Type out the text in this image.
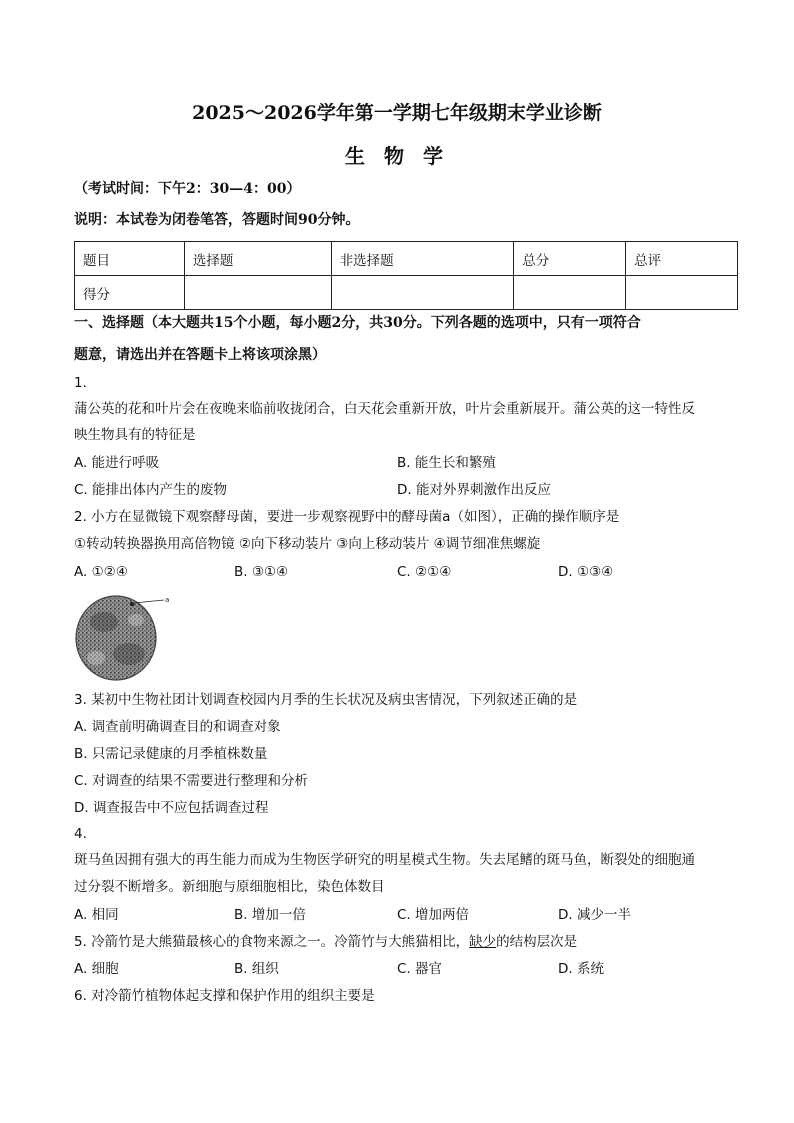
2025～2026学年第一学期七年级期末学业诊断
生 物 学
（考试时间：下午2：30—4：00）
说明：本试卷为闭卷笔答，答题时间90分钟。
题目	选择题	非选择题	总分	总评
得分				
一、选择题（本大题共15个小题，每小题2分，共30分。下列各题的选项中，只有一项符合
题意，请选出并在答题卡上将该项涂黑）
1.
蒲公英的花和叶片会在夜晚来临前收拢闭合，白天花会重新开放，叶片会重新展开。蒲公英的这一特性反
映生物具有的特征是
A. 能进行呼吸	B. 能生长和繁殖
C. 能排出体内产生的废物	D. 能对外界刺激作出反应
2. 小方在显微镜下观察酵母菌，要进一步观察视野中的酵母菌a（如图），正确的操作顺序是
①转动转换器换用高倍物镜 ②向下移动装片 ③向上移动装片 ④调节细准焦螺旋
A. ①②④	B. ③①④	C. ②①④	D. ①③④
a
3. 某初中生物社团计划调查校园内月季的生长状况及病虫害情况，下列叙述正确的是
A. 调查前明确调查目的和调查对象
B. 只需记录健康的月季植株数量
C. 对调查的结果不需要进行整理和分析
D. 调查报告中不应包括调查过程
4.
斑马鱼因拥有强大的再生能力而成为生物医学研究的明星模式生物。失去尾鳍的斑马鱼，断裂处的细胞通
过分裂不断增多。新细胞与原细胞相比，染色体数目
A. 相同	B. 增加一倍	C. 增加两倍	D. 减少一半
5. 冷箭竹是大熊猫最核心的食物来源之一。冷箭竹与大熊猫相比，缺少的结构层次是
A. 细胞	B. 组织	C. 器官	D. 系统
6. 对冷箭竹植物体起支撑和保护作用的组织主要是
